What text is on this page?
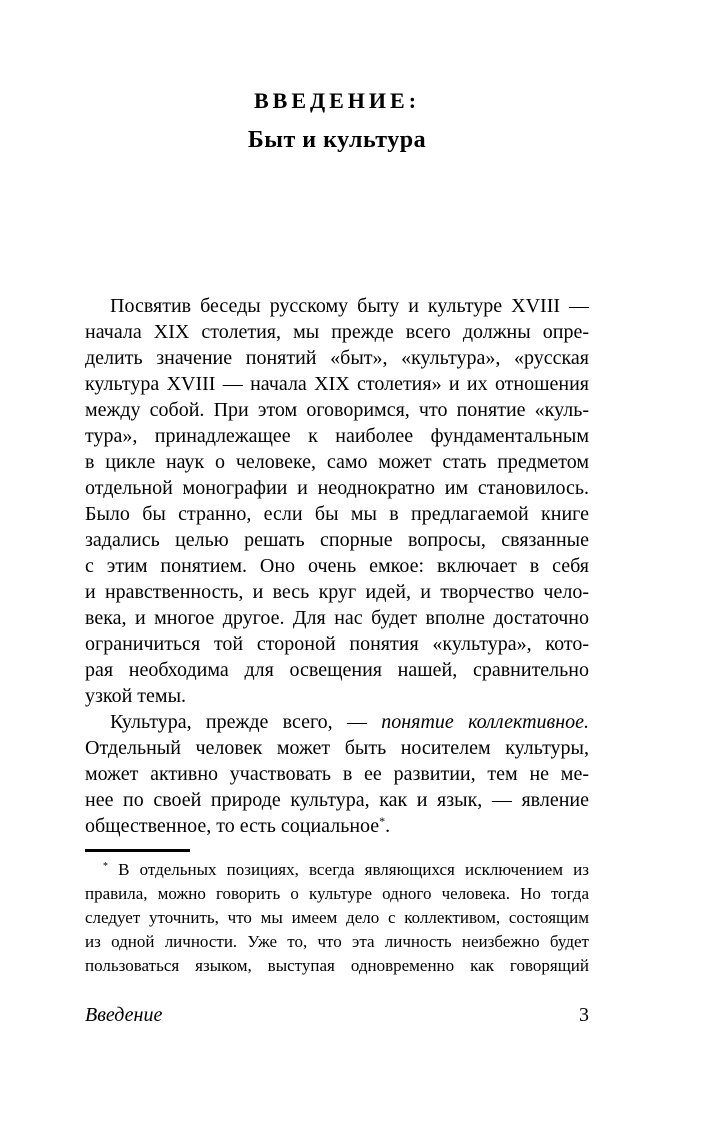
ВВЕДЕНИЕ:
Быт и культура
Посвятив беседы русскому быту и культуре XVIII —
начала XIX столетия, мы прежде всего должны опре-
делить значение понятий «быт», «культура», «русская
культура XVIII — начала XIX столетия» и их отношения
между собой. При этом оговоримся, что понятие «куль-
тура», принадлежащее к наиболее фундаментальным
в цикле наук о человеке, само может стать предметом
отдельной монографии и неоднократно им становилось.
Было бы странно, если бы мы в предлагаемой книге
задались целью решать спорные вопросы, связанные
с этим понятием. Оно очень емкое: включает в себя
и нравственность, и весь круг идей, и творчество чело-
века, и многое другое. Для нас будет вполне достаточно
ограничиться той стороной понятия «культура», кото-
рая необходима для освещения нашей, сравнительно
узкой темы.
Культура, прежде всего, — понятие коллективное.
Отдельный человек может быть носителем культуры,
может активно участвовать в ее развитии, тем не ме-
нее по своей природе культура, как и язык, — явление
общественное, то есть социальное*.
* В отдельных позициях, всегда являющихся исключением из
правила, можно говорить о культуре одного человека. Но тогда
следует уточнить, что мы имеем дело с коллективом, состоящим
из одной личности. Уже то, что эта личность неизбежно будет
пользоваться языком, выступая одновременно как говорящий
Введение	3
